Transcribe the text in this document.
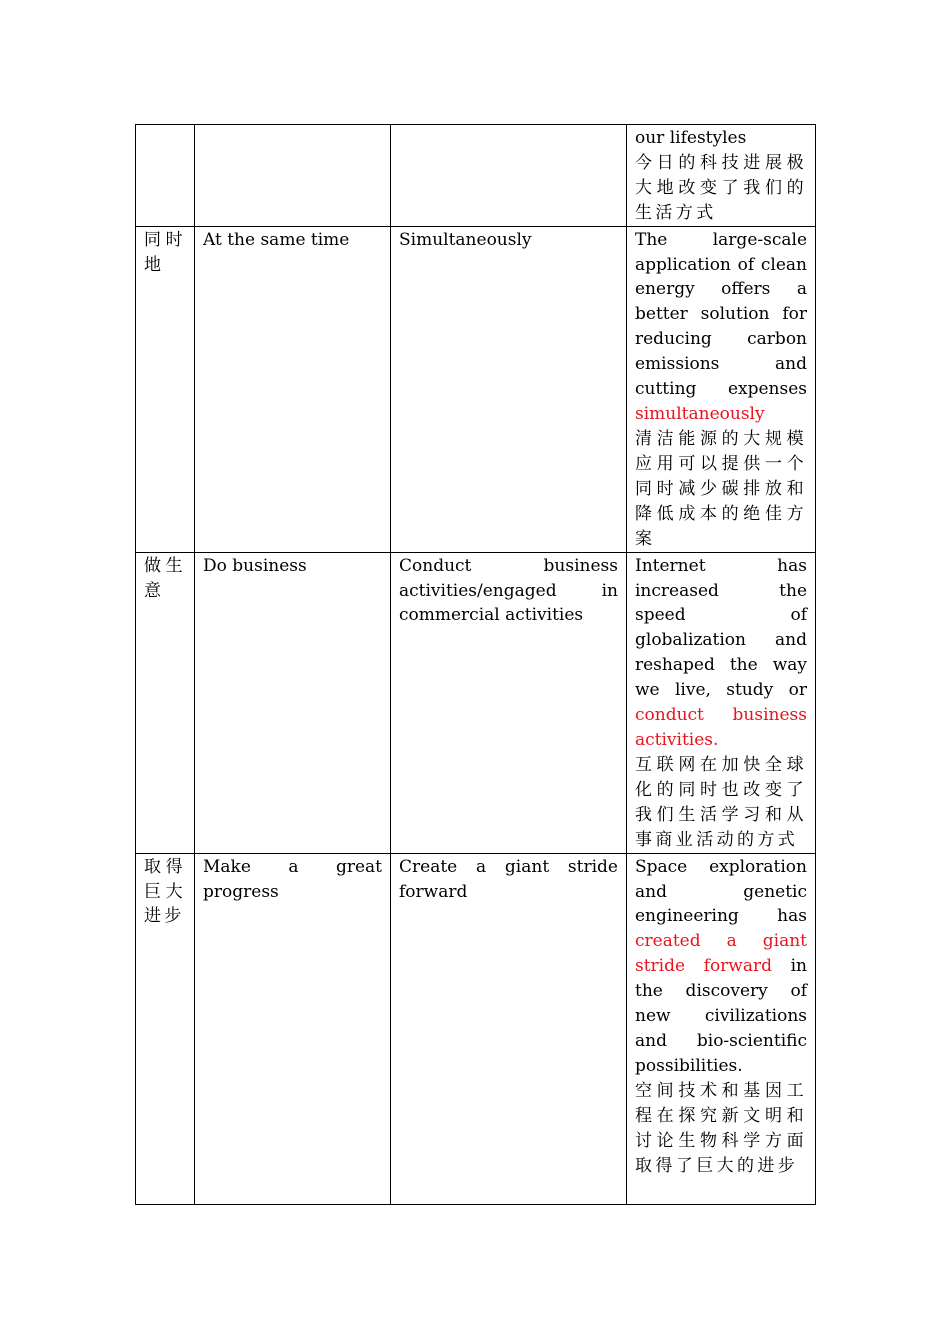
			our lifestyles
今日的科技进展极大地改变了我们的生活方式

同时地	At the same time	Simultaneously	The large-scale application of clean energy offers a better solution for reducing carbon emissions and cutting expenses simultaneously
清洁能源的大规模应用可以提供一个同时减少碳排放和降低成本的绝佳方案

做生意	Do business	Conduct business activities/engaged in commercial activities	Internet has increased the speed of globalization and reshaped the way we live, study or conduct business activities.
互联网在加快全球化的同时也改变了我们生活学习和从事商业活动的方式

取得巨大进步	Make a great progress	Create a giant stride forward	Space exploration and genetic engineering has created a giant stride forward in the discovery of new civilizations and bio-scientific possibilities.
空间技术和基因工程在探究新文明和讨论生物科学方面取得了巨大的进步
